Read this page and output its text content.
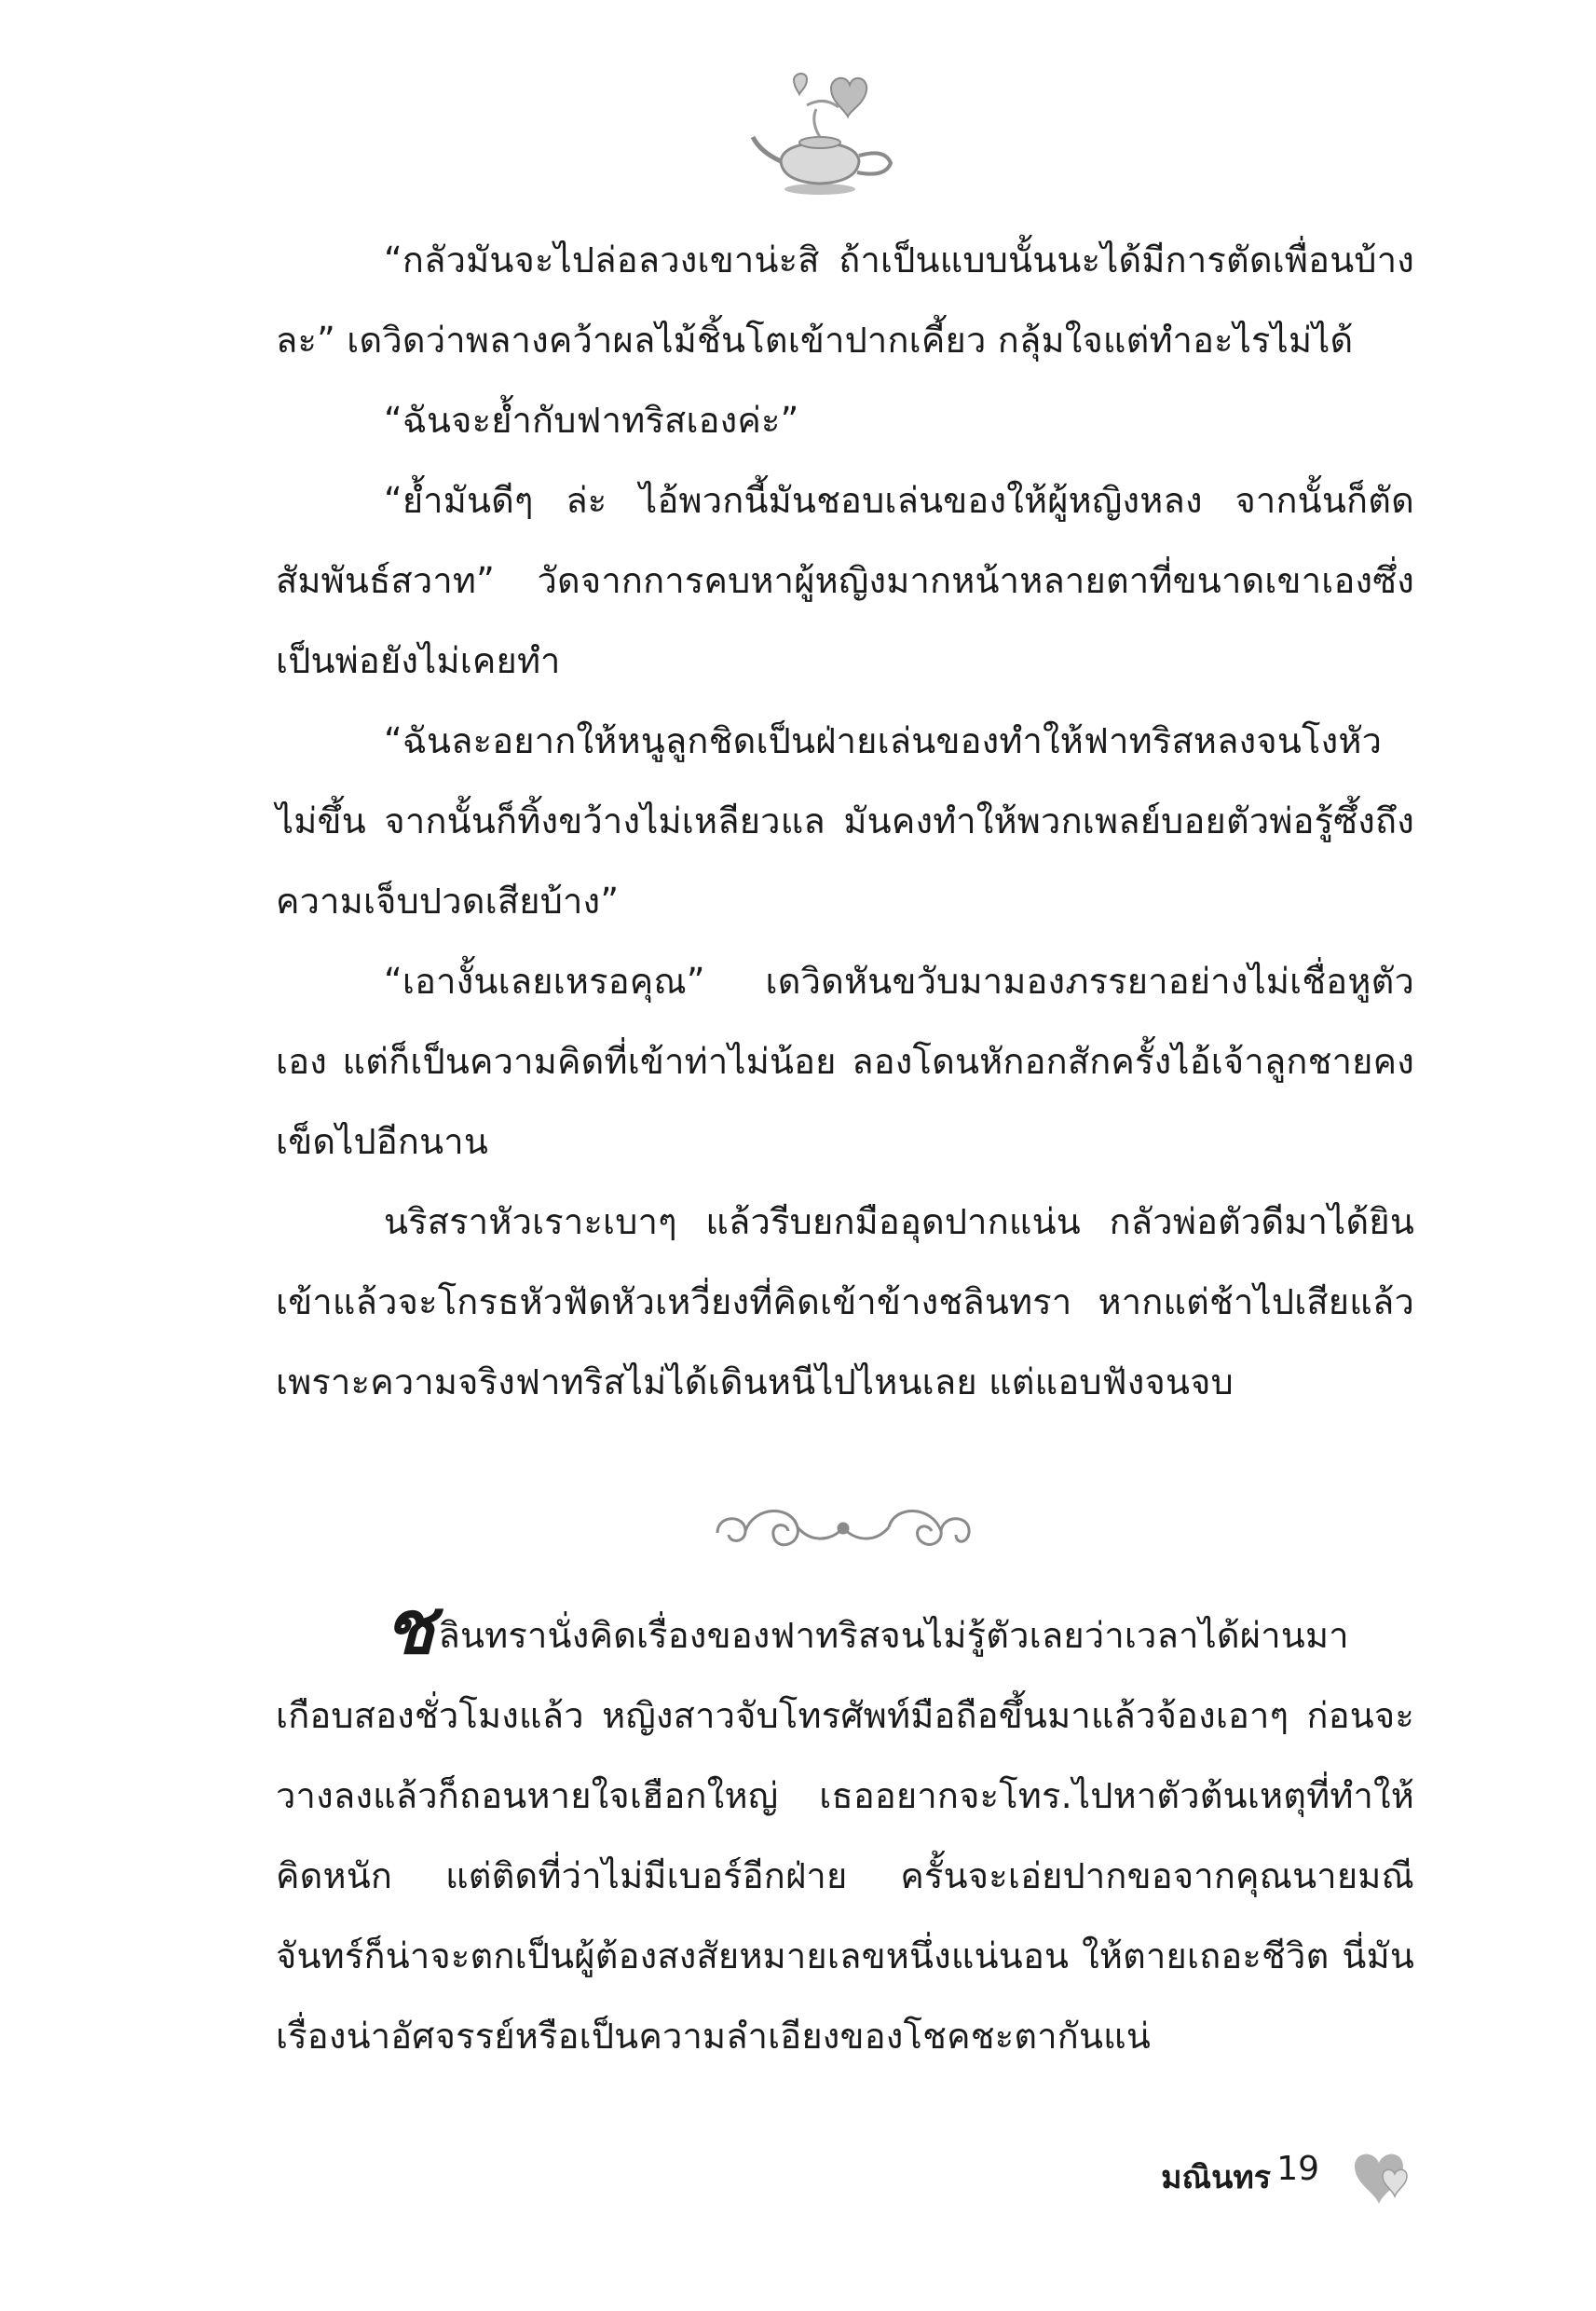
“กลัวมันจะไปล่อลวงเขาน่ะสิ ถ้าเป็นแบบนั้นนะได้มีการตัดเพื่อนบ้างละ” เดวิดว่าพลางคว้าผลไม้ชิ้นโตเข้าปากเคี้ยว กลุ้มใจแต่ทำอะไรไม่ได้

“ฉันจะย้ำกับฟาทริสเองค่ะ”

“ย้ำมันดีๆ ล่ะ ไอ้พวกนี้มันชอบเล่นของให้ผู้หญิงหลง จากนั้นก็ตัดสัมพันธ์สวาท” วัดจากการคบหาผู้หญิงมากหน้าหลายตาที่ขนาดเขาเองซึ่งเป็นพ่อยังไม่เคยทำ

“ฉันละอยากให้หนูลูกชิดเป็นฝ่ายเล่นของทำให้ฟาทริสหลงจนโงหัวไม่ขึ้น จากนั้นก็ทิ้งขว้างไม่เหลียวแล มันคงทำให้พวกเพลย์บอยตัวพ่อรู้ซึ้งถึงความเจ็บปวดเสียบ้าง”

“เอางั้นเลยเหรอคุณ” เดวิดหันขวับมามองภรรยาอย่างไม่เชื่อหูตัวเอง แต่ก็เป็นความคิดที่เข้าท่าไม่น้อย ลองโดนหักอกสักครั้งไอ้เจ้าลูกชายคงเข็ดไปอีกนาน

นริสราหัวเราะเบาๆ แล้วรีบยกมืออุดปากแน่น กลัวพ่อตัวดีมาได้ยินเข้าแล้วจะโกรธหัวฟัดหัวเหวี่ยงที่คิดเข้าข้างชลินทรา หากแต่ช้าไปเสียแล้ว เพราะความจริงฟาทริสไม่ได้เดินหนีไปไหนเลย แต่แอบฟังจนจบ

ชลินทรานั่งคิดเรื่องของฟาทริสจนไม่รู้ตัวเลยว่าเวลาได้ผ่านมาเกือบสองชั่วโมงแล้ว หญิงสาวจับโทรศัพท์มือถือขึ้นมาแล้วจ้องเอาๆ ก่อนจะวางลงแล้วก็ถอนหายใจเฮือกใหญ่ เธออยากจะโทร.ไปหาตัวต้นเหตุที่ทำให้คิดหนัก แต่ติดที่ว่าไม่มีเบอร์อีกฝ่าย ครั้นจะเอ่ยปากขอจากคุณนายมณีจันทร์ก็น่าจะตกเป็นผู้ต้องสงสัยหมายเลขหนึ่งแน่นอน ให้ตายเถอะชีวิต นี่มันเรื่องน่าอัศจรรย์หรือเป็นความลำเอียงของโชคชะตากันแน่

มณินทร 19
